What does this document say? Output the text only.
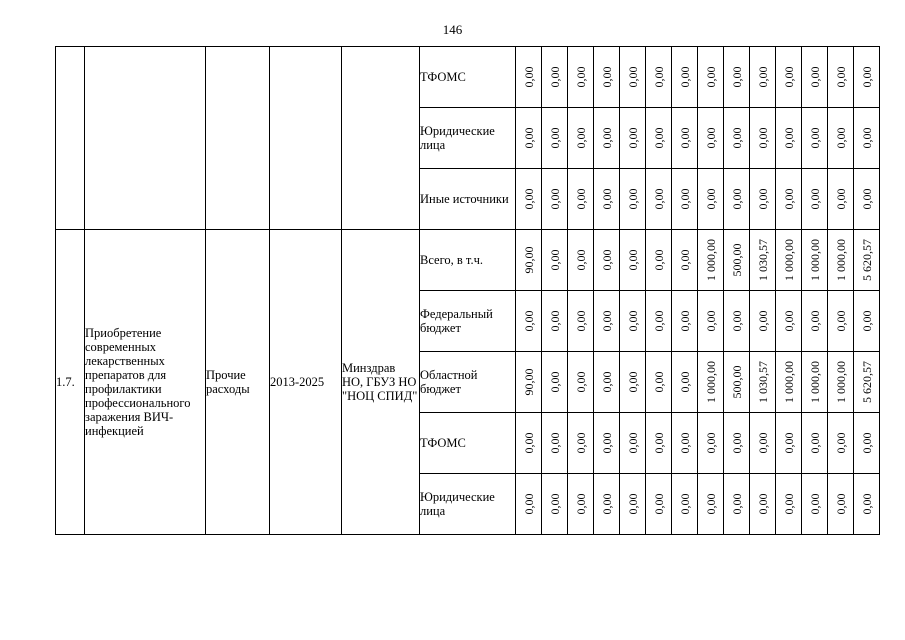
146
					ТФОМС	0,00	0,00	0,00	0,00	0,00	0,00	0,00	0,00	0,00	0,00	0,00	0,00	0,00	0,00

					Юридические лица	0,00	0,00	0,00	0,00	0,00	0,00	0,00	0,00	0,00	0,00	0,00	0,00	0,00	0,00

					Иные источники	0,00	0,00	0,00	0,00	0,00	0,00	0,00	0,00	0,00	0,00	0,00	0,00	0,00	0,00

1.7.	Приобретение современных лекарственных препаратов для профилактики профессионального заражения ВИЧ-инфекцией	Прочие расходы	2013-2025	Минздрав НО, ГБУЗ НО "НОЦ СПИД"	Всего, в т.ч.	90,00	0,00	0,00	0,00	0,00	0,00	0,00	1 000,00	500,00	1 030,57	1 000,00	1 000,00	1 000,00	5 620,57

					Федеральный бюджет	0,00	0,00	0,00	0,00	0,00	0,00	0,00	0,00	0,00	0,00	0,00	0,00	0,00	0,00

					Областной бюджет	90,00	0,00	0,00	0,00	0,00	0,00	0,00	1 000,00	500,00	1 030,57	1 000,00	1 000,00	1 000,00	5 620,57

					ТФОМС	0,00	0,00	0,00	0,00	0,00	0,00	0,00	0,00	0,00	0,00	0,00	0,00	0,00	0,00

					Юридические лица	0,00	0,00	0,00	0,00	0,00	0,00	0,00	0,00	0,00	0,00	0,00	0,00	0,00	0,00
